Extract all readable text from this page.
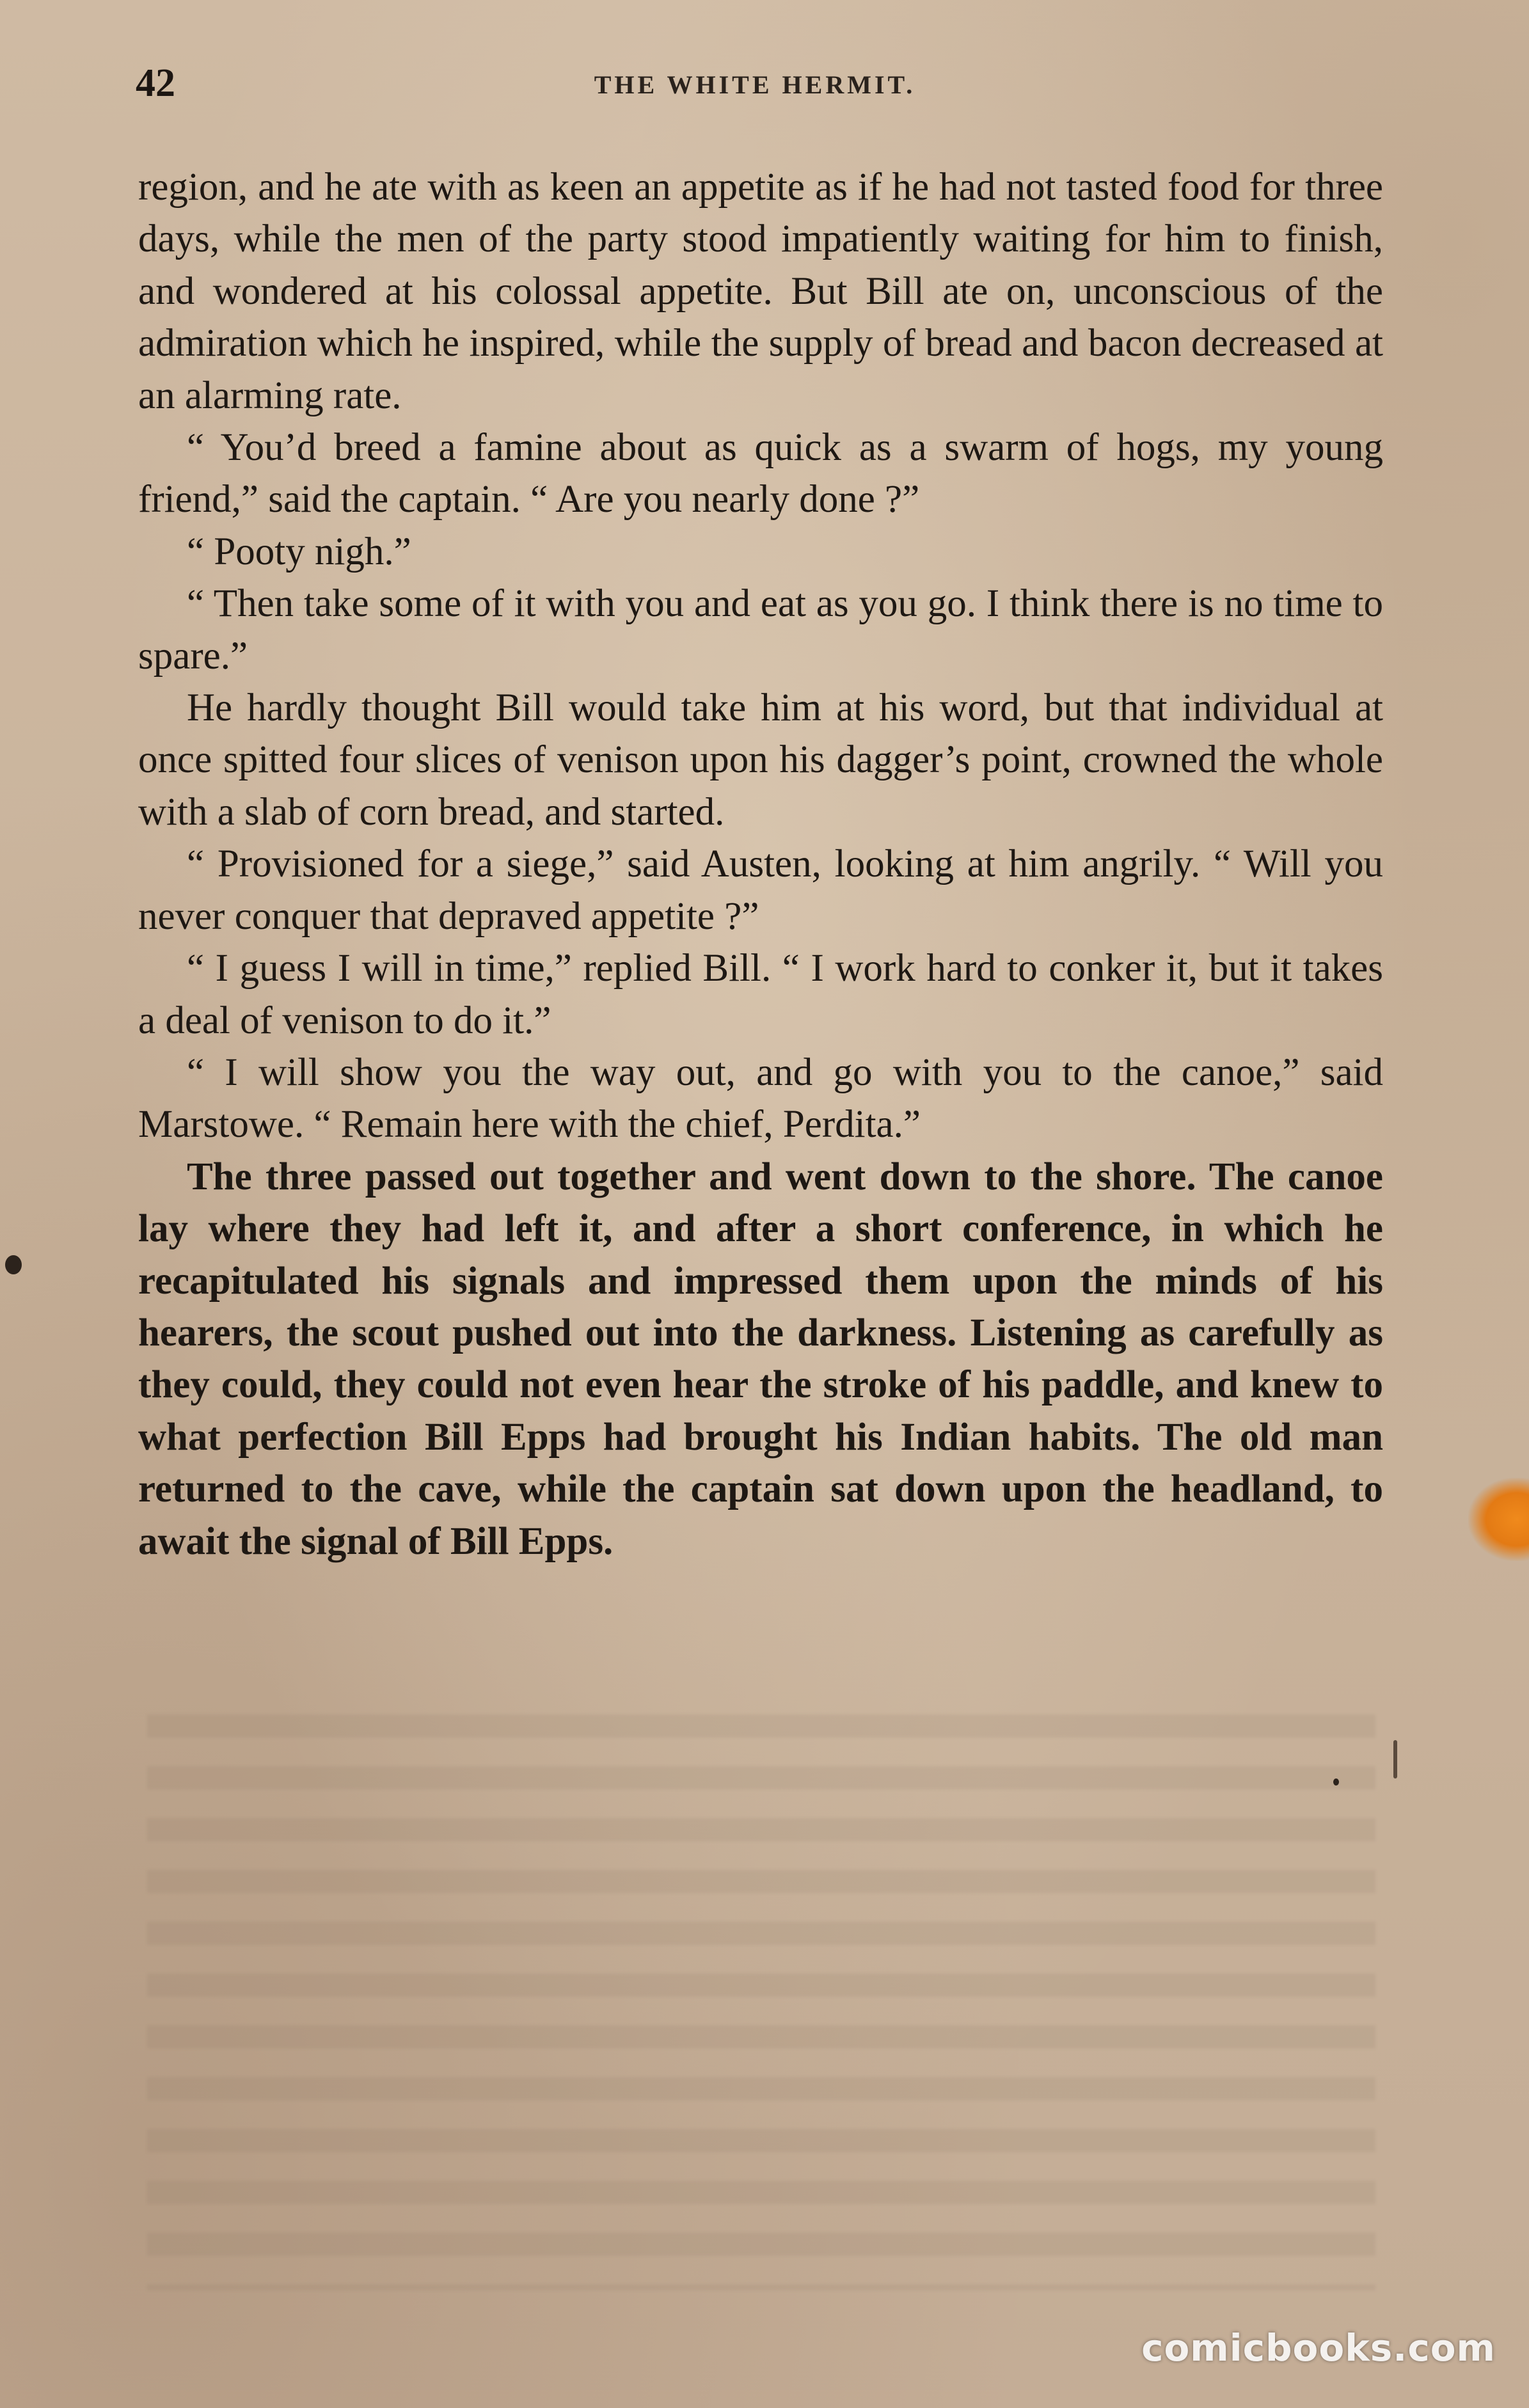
42	THE WHITE HERMIT.

region, and he ate with as keen an appetite as if he had not tasted food for three days, while the men of the party stood impatiently waiting for him to finish, and wondered at his colossal appetite. But Bill ate on, unconscious of the admiration which he inspired, while the supply of bread and bacon decreased at an alarming rate.

“ You’d breed a famine about as quick as a swarm of hogs, my young friend,” said the captain. “ Are you nearly done ?”

“ Pooty nigh.”

“ Then take some of it with you and eat as you go. I think there is no time to spare.”

He hardly thought Bill would take him at his word, but that individual at once spitted four slices of venison upon his dagger’s point, crowned the whole with a slab of corn bread, and started.

“ Provisioned for a siege,” said Austen, looking at him angrily. “ Will you never conquer that depraved appetite ?”

“ I guess I will in time,” replied Bill. “ I work hard to conker it, but it takes a deal of venison to do it.”

“ I will show you the way out, and go with you to the canoe,” said Marstowe. “ Remain here with the chief, Perdita.”

The three passed out together and went down to the shore. The canoe lay where they had left it, and after a short conference, in which he recapitulated his signals and impressed them upon the minds of his hearers, the scout pushed out into the darkness. Listening as carefully as they could, they could not even hear the stroke of his paddle, and knew to what perfection Bill Epps had brought his Indian habits. The old man returned to the cave, while the captain sat down upon the headland, to await the signal of Bill Epps.

comicbooks.com
